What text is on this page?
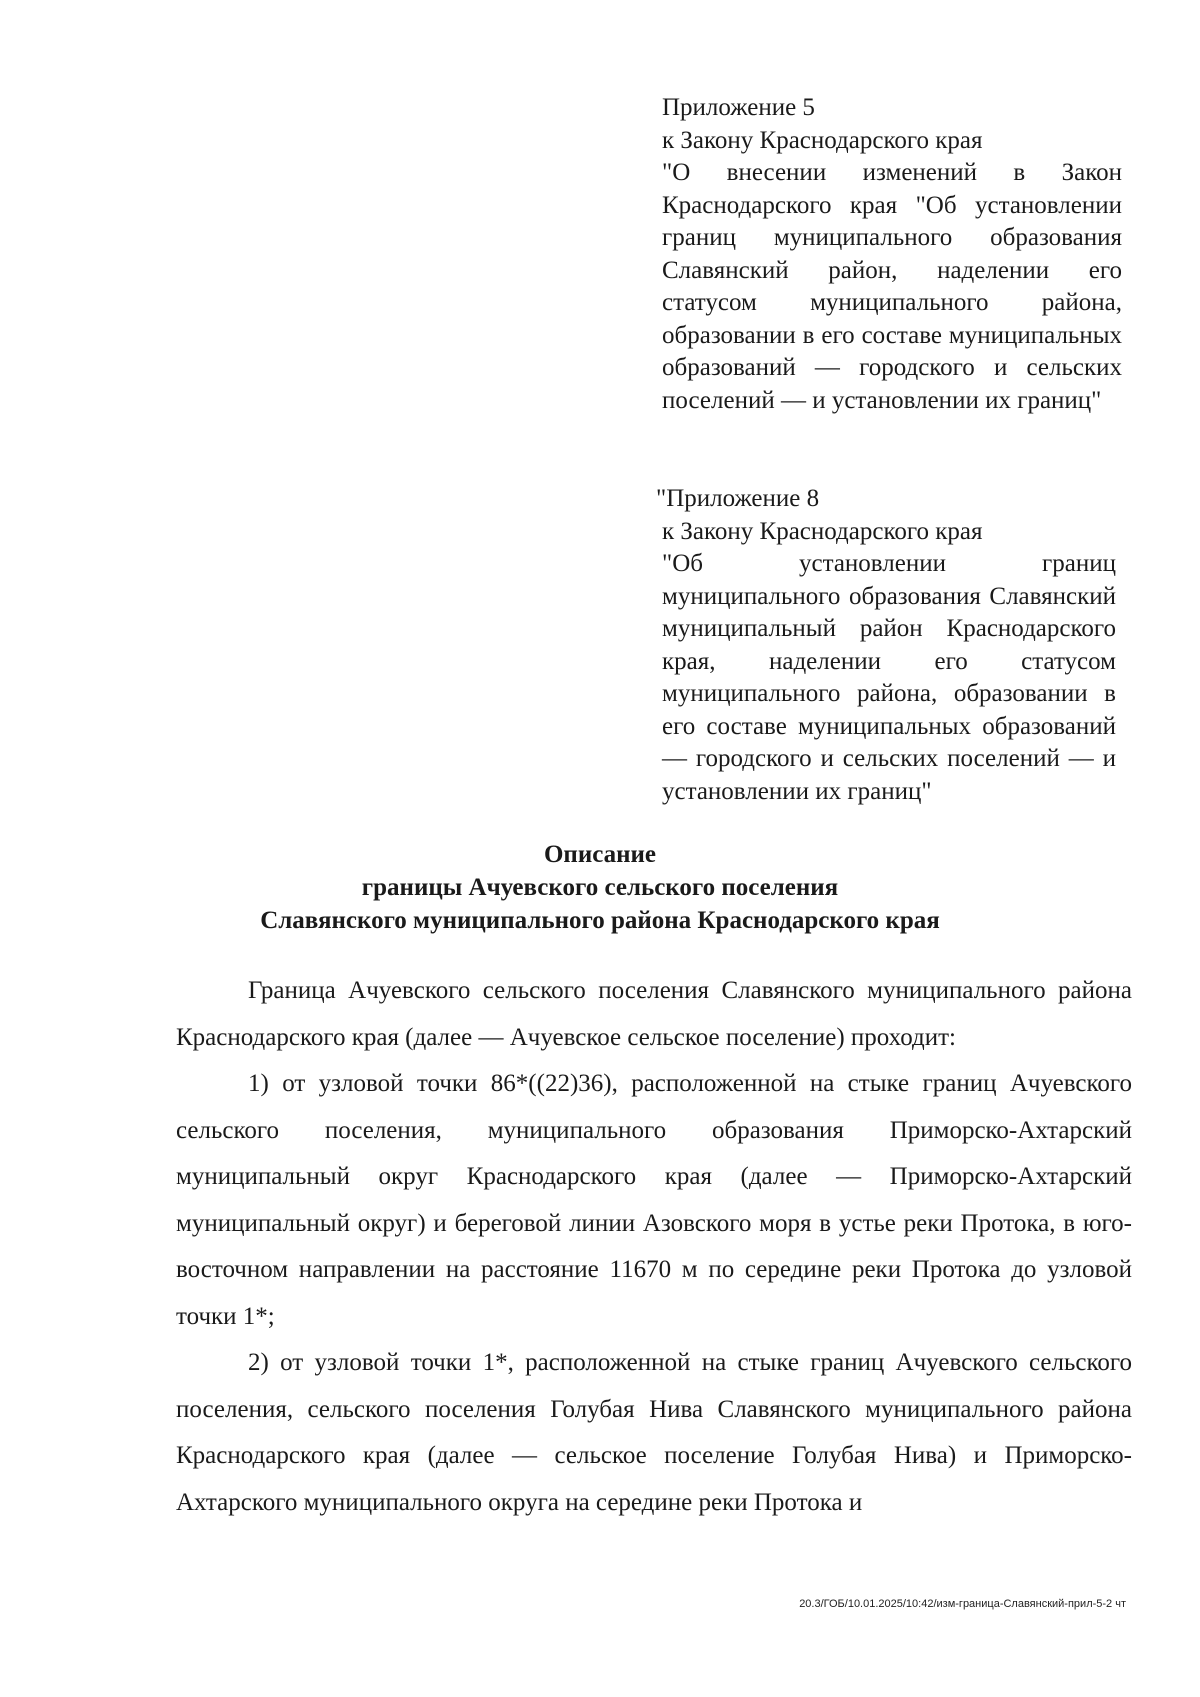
Приложение 5

к Закону Краснодарского края

"О внесении изменений в Закон Краснодарского края "Об установлении границ муниципального образования Славянский район, наделении его статусом муниципального района, образовании в его составе муниципальных образований — городского и сельских поселений — и установлении их границ"

"Приложение 8

к Закону Краснодарского края

"Об установлении границ муниципального образования Славянский муниципальный район Краснодарского края, наделении его статусом муниципального района, образовании в его составе муниципальных образований — городского и сельских поселений — и установлении их границ"

Описание
границы Ачуевского сельского поселения
Славянского муниципального района Краснодарского края

Граница Ачуевского сельского поселения Славянского муниципального района Краснодарского края (далее — Ачуевское сельское поселение) проходит:

1) от узловой точки 86*((22)36), расположенной на стыке границ Ачуевского сельского поселения, муниципального образования Приморско-Ахтарский муниципальный округ Краснодарского края (далее — Приморско-Ахтарский муниципальный округ) и береговой линии Азовского моря в устье реки Протока, в юго-восточном направлении на расстояние 11670 м по середине реки Протока до узловой точки 1*;

2) от узловой точки 1*, расположенной на стыке границ Ачуевского сельского поселения, сельского поселения Голубая Нива Славянского муниципального района Краснодарского края (далее — сельское поселение Голубая Нива) и Приморско-Ахтарского муниципального округа на середине реки Протока и

20.3/ГОБ/10.01.2025/10:42/изм-граница-Славянский-прил-5-2 чт
